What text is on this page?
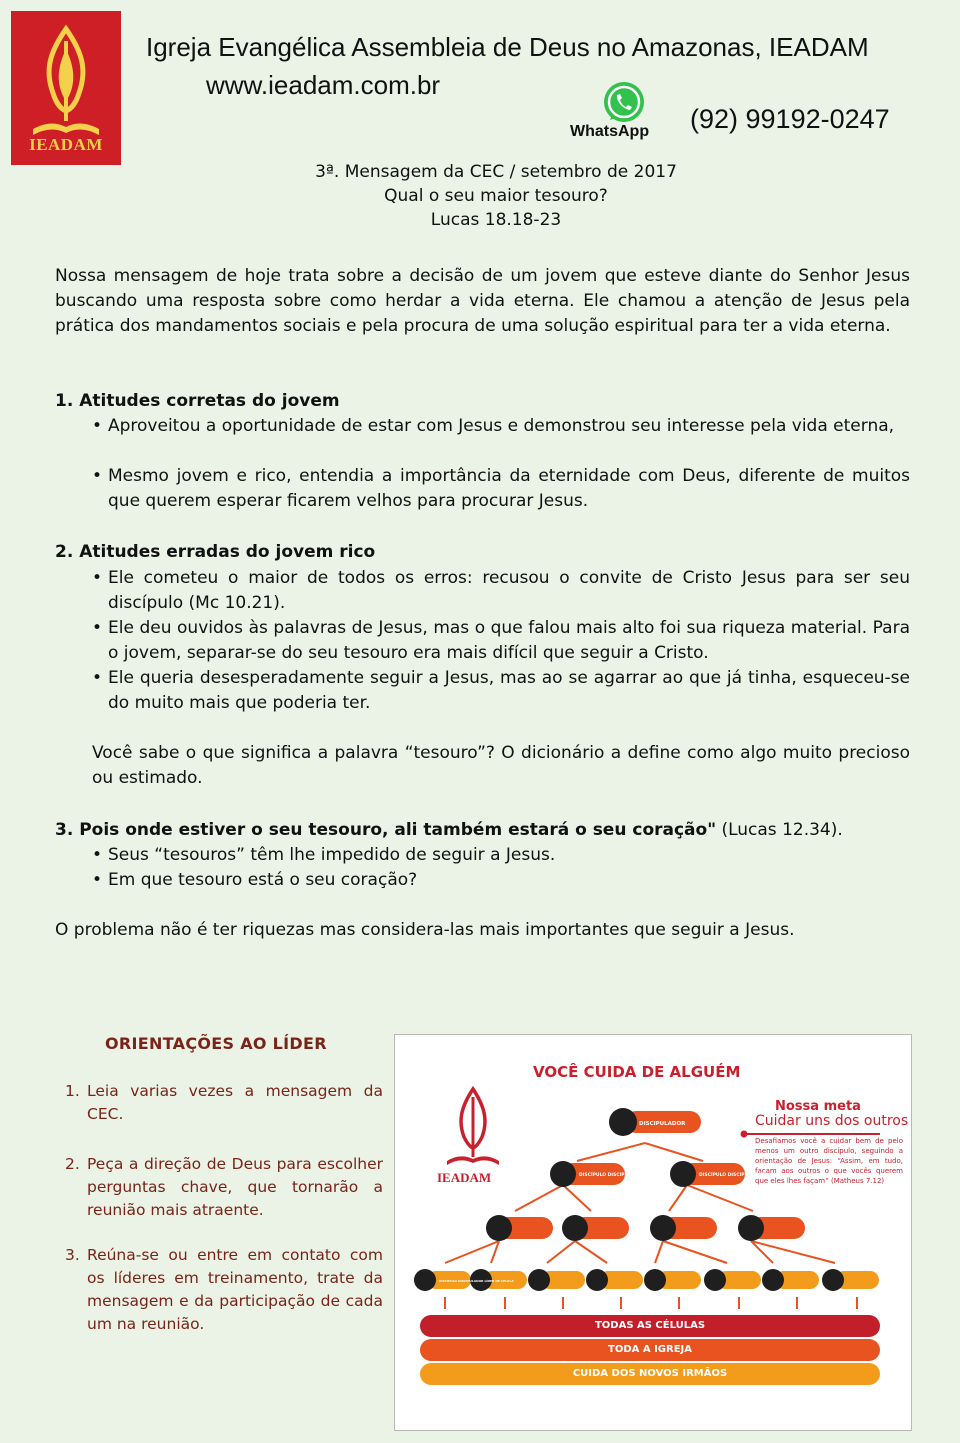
IEADAM
Igreja Evangélica Assembleia de Deus no Amazonas, IEADAM
www.ieadam.com.br
WhatsApp (92) 99192-0247
3ª. Mensagem da CEC / setembro de 2017
Qual o seu maior tesouro?
Lucas 18.18-23
Nossa mensagem de hoje trata sobre a decisão de um jovem que esteve diante do Senhor Jesus buscando uma resposta sobre como herdar a vida eterna. Ele chamou a atenção de Jesus pela prática dos mandamentos sociais e pela procura de uma solução espiritual para ter a vida eterna.
1. Atitudes corretas do jovem
• Aproveitou a oportunidade de estar com Jesus e demonstrou seu interesse pela vida eterna,
• Mesmo jovem e rico, entendia a importância da eternidade com Deus, diferente de muitos que querem esperar ficarem velhos para procurar Jesus.
2. Atitudes erradas do jovem rico
• Ele cometeu o maior de todos os erros: recusou o convite de Cristo Jesus para ser seu discípulo (Mc 10.21).
• Ele deu ouvidos às palavras de Jesus, mas o que falou mais alto foi sua riqueza material. Para o jovem, separar-se do seu tesouro era mais difícil que seguir a Cristo.
• Ele queria desesperadamente seguir a Jesus, mas ao se agarrar ao que já tinha, esqueceu-se do muito mais que poderia ter.
Você sabe o que significa a palavra “tesouro”? O dicionário a define como algo muito precioso ou estimado.
3. Pois onde estiver o seu tesouro, ali também estará o seu coração" (Lucas 12.34).
• Seus “tesouros” têm lhe impedido de seguir a Jesus.
• Em que tesouro está o seu coração?
O problema não é ter riquezas mas considera-las mais importantes que seguir a Jesus.
ORIENTAÇÕES AO LÍDER
1. Leia varias vezes a mensagem da CEC.
2. Peça a direção de Deus para escolher perguntas chave, que tornarão a reunião mais atraente.
3. Reúna-se ou entre em contato com os líderes em treinamento, trate da mensagem e da participação de cada um na reunião.
VOCÊ CUIDA DE ALGUÉM
IEADAM
Nossa meta
Cuidar uns dos outros
Desafiamos você a cuidar bem de pelo menos um outro discípulo, seguindo a orientação de Jesus: “Assim, em tudo, façam aos outros o que vocês querem que eles lhes façam” (Matheus 7.12)
DISCIPULADOR
DISCÍPULO DISCIPULADOR	DISCÍPULO DISCIPULADOR
DISCÍPULO DISCIPULADOR LÍDER DE CÉLULA
TODAS AS CÉLULAS
TODA A IGREJA
CUIDA DOS NOVOS IRMÃOS
